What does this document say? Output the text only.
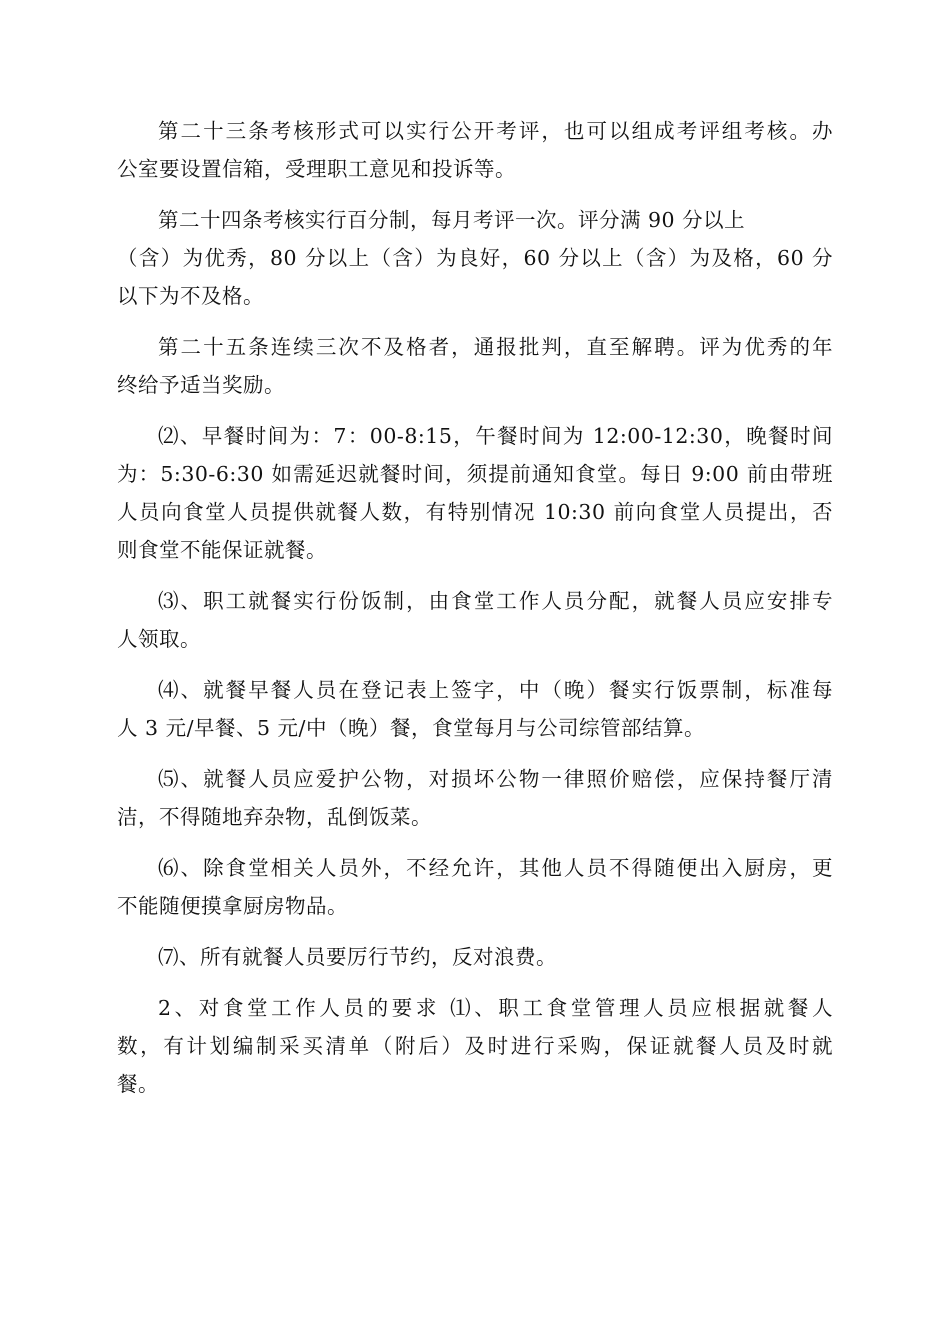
第二十三条考核形式可以实行公开考评，也可以组成考评组考核。办
公室要设置信箱，受理职工意见和投诉等。

第二十四条考核实行百分制，每月考评一次。评分满 90 分以上
（含）为优秀，80 分以上（含）为良好，60 分以上（含）为及格，60 分
以下为不及格。

第二十五条连续三次不及格者，通报批判，直至解聘。评为优秀的年
终给予适当奖励。

⑵、早餐时间为：7：00-8:15，午餐时间为 12:00-12:30，晚餐时间
为：5:30-6:30 如需延迟就餐时间，须提前通知食堂。每日 9:00 前由带班
人员向食堂人员提供就餐人数，有特别情况 10:30 前向食堂人员提出，否
则食堂不能保证就餐。

⑶、职工就餐实行份饭制，由食堂工作人员分配，就餐人员应安排专
人领取。

⑷、就餐早餐人员在登记表上签字，中（晚）餐实行饭票制，标准每
人 3 元/早餐、5 元/中（晚）餐，食堂每月与公司综管部结算。

⑸、就餐人员应爱护公物，对损坏公物一律照价赔偿，应保持餐厅清
洁，不得随地弃杂物，乱倒饭菜。

⑹、除食堂相关人员外，不经允许，其他人员不得随便出入厨房，更
不能随便摸拿厨房物品。

⑺、所有就餐人员要厉行节约，反对浪费。

2、对食堂工作人员的要求 ⑴、职工食堂管理人员应根据就餐人
数，有计划编制采买清单（附后）及时进行采购，保证就餐人员及时就
餐。
